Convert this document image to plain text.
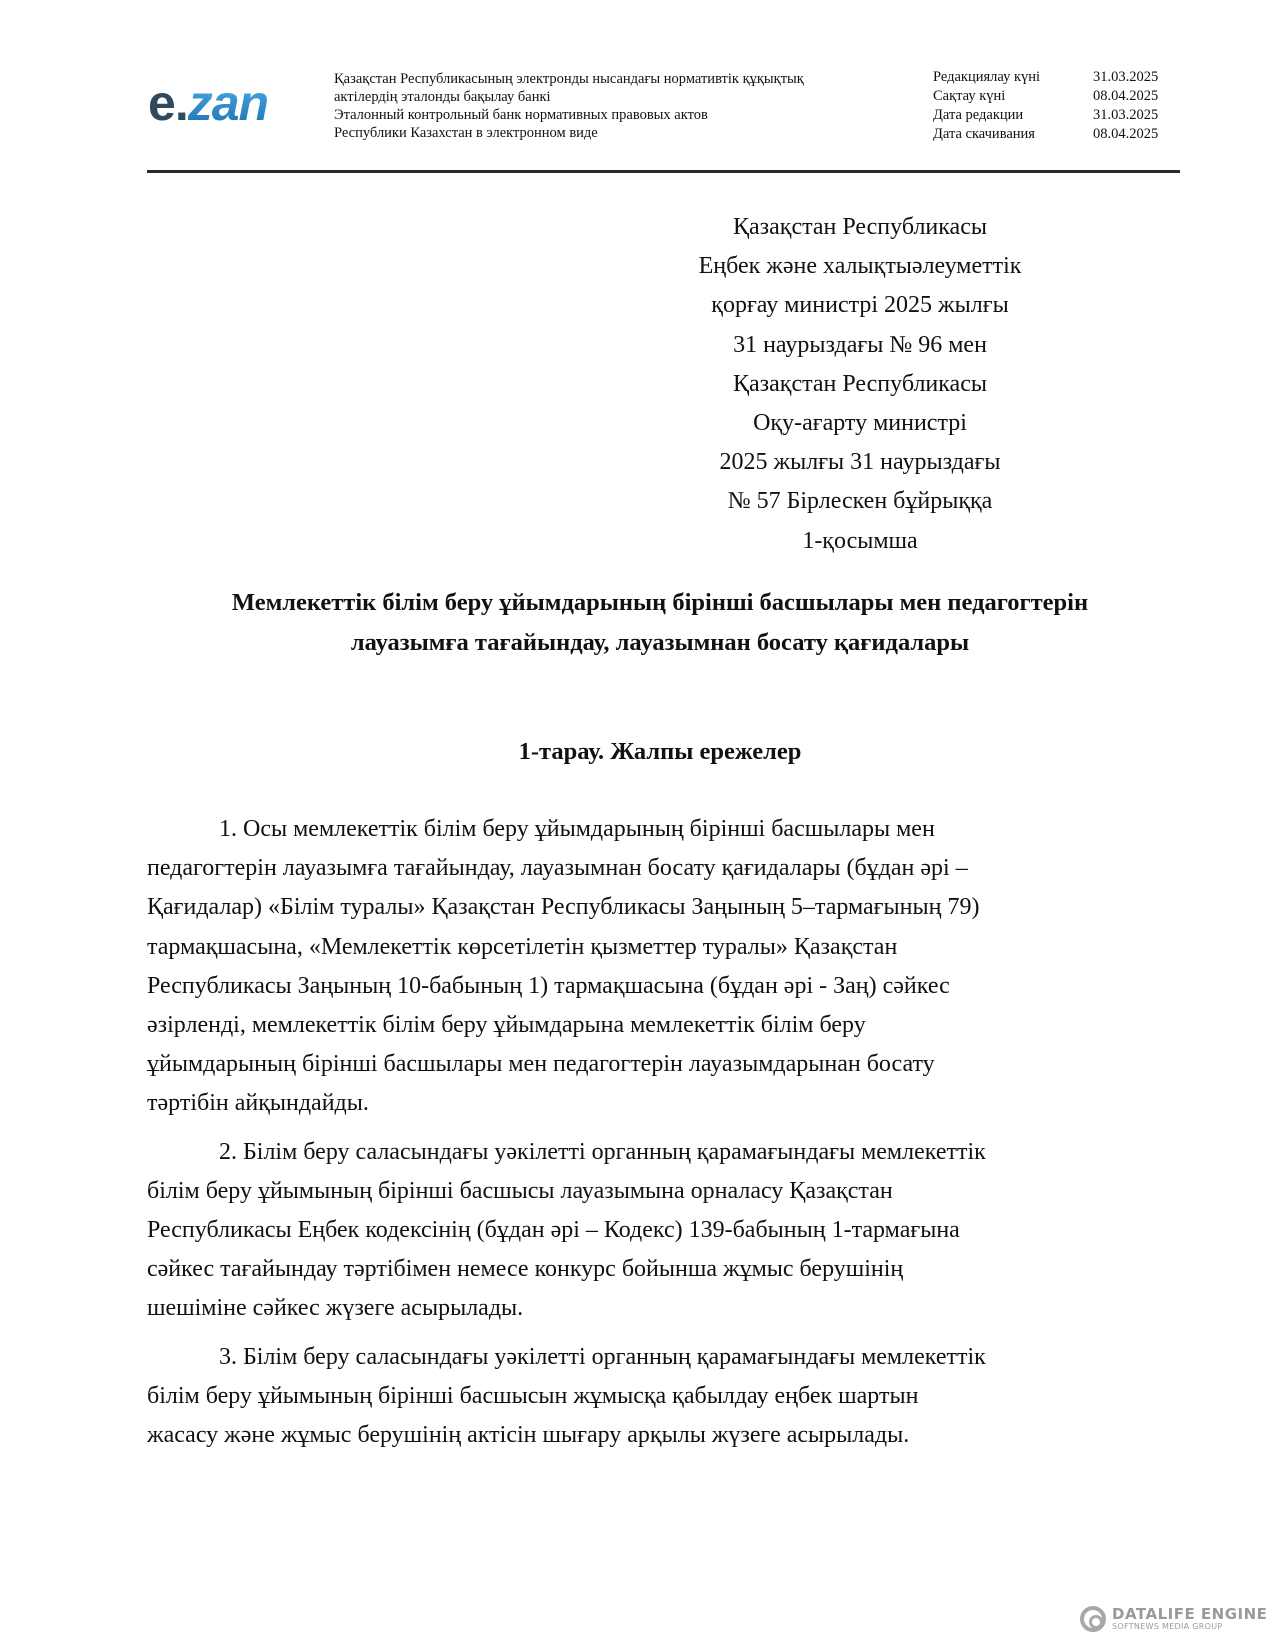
e.zan	Қазақстан Республикасының электронды нысандағы нормативтік құқықтық
актілердің эталонды бақылау банкі
Эталонный контрольный банк нормативных правовых актов
Республики Казахстан в электронном виде
Редакциялау күні	31.03.2025
Сақтау күні	08.04.2025
Дата редакции	31.03.2025
Дата скачивания	08.04.2025
Қазақстан Республикасы
Еңбек және халықтыәлеуметтік
қорғау министрі 2025 жылғы
31 наурыздағы № 96 мен
Қазақстан Республикасы
Оқу-ағарту министрі
2025 жылғы 31 наурыздағы
№ 57 Бірлескен бұйрыққа
1-қосымша
Мемлекеттік білім беру ұйымдарының бірінші басшылары мен педагогтерін
лауазымға тағайындау, лауазымнан босату қағидалары
1-тарау. Жалпы ережелер
1. Осы мемлекеттік білім беру ұйымдарының бірінші басшылары мен
педагогтерін лауазымға тағайындау, лауазымнан босату қағидалары (бұдан әрі –
Қағидалар) «Білім туралы» Қазақстан Республикасы Заңының 5–тармағының 79)
тармақшасына, «Мемлекеттік көрсетілетін қызметтер туралы» Қазақстан
Республикасы Заңының 10-бабының 1) тармақшасына (бұдан әрі - Заң) сәйкес
әзірленді, мемлекеттік білім беру ұйымдарына мемлекеттік білім беру
ұйымдарының бірінші басшылары мен педагогтерін лауазымдарынан босату
тәртібін айқындайды.
2. Білім беру саласындағы уәкілетті органның қарамағындағы мемлекеттік
білім беру ұйымының бірінші басшысы лауазымына орналасу Қазақстан
Республикасы Еңбек кодексінің (бұдан әрі – Кодекс) 139-бабының 1-тармағына
сәйкес тағайындау тәртібімен немесе конкурс бойынша жұмыс берушінің
шешіміне сәйкес жүзеге асырылады.
3. Білім беру саласындағы уәкілетті органның қарамағындағы мемлекеттік
білім беру ұйымының бірінші басшысын жұмысқа қабылдау еңбек шартын
жасасу және жұмыс берушінің актісін шығару арқылы жүзеге асырылады.
DATALIFE ENGINE
SOFTNEWS MEDIA GROUP
